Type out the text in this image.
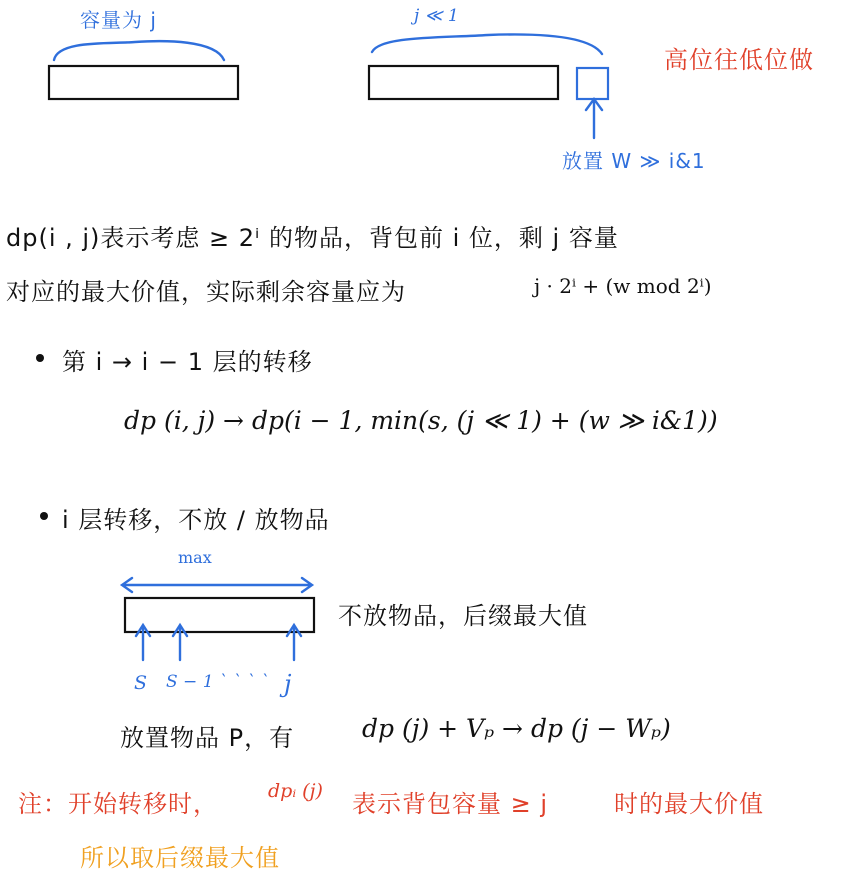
容量为 j	j ≪ 1
高位往低位做
放置 W ≫ i&1
dp(i , j)表示考虑 ≥ 2ⁱ 的物品，背包前 i 位，剩 j 容量
对应的最大价值，实际剩余容量应为	j · 2ⁱ + (w mod 2ⁱ)
第 i → i − 1 层的转移
dp (i, j) → dp(i − 1, min(s, (j ≪ 1) + (w ≫ i&1))
i 层转移，不放 / 放物品
max
不放物品，后缀最大值
S S − 1 ˋ ˋ ˋ ˋ j
放置物品 P，有	dp (j) + Vₚ → dp (j − Wₚ)
注：开始转移时，	dpᵢ (j) 表示背包容量 ≥ j	时的最大价值
所以取后缀最大值
